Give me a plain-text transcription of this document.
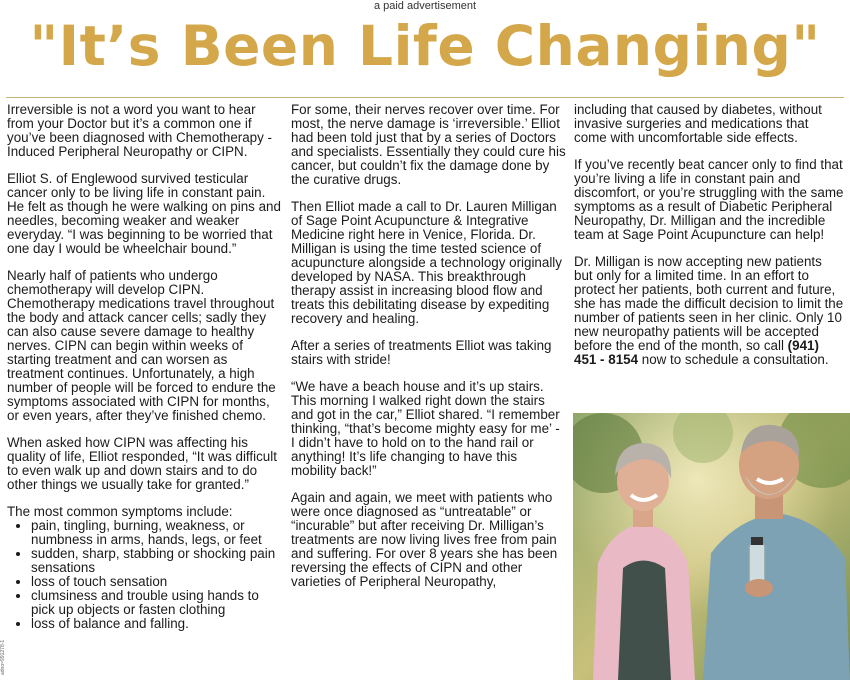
a paid advertisement
"It’s Been Life Changing"

Irreversible is not a word you want to hear from your Doctor but it’s a common one if you’ve been diagnosed with Chemotherapy - Induced Peripheral Neuropathy or CIPN.

Elliot S. of Englewood survived testicular cancer only to be living life in constant pain. He felt as though he were walking on pins and needles, becoming weaker and weaker everyday. “I was beginning to be worried that one day I would be wheelchair bound.”

Nearly half of patients who undergo chemotherapy will develop CIPN. Chemotherapy medications travel throughout the body and attack cancer cells; sadly they can also cause severe damage to healthy nerves. CIPN can begin within weeks of starting treatment and can worsen as treatment continues. Unfortunately, a high number of people will be forced to endure the symptoms associated with CIPN for months, or even years, after they’ve finished chemo.

When asked how CIPN was affecting his quality of life, Elliot responded, “It was difficult to even walk up and down stairs and to do other things we usually take for granted.”

The most common symptoms include:

• pain, tingling, burning, weakness, or numbness in arms, hands, legs, or feet
• sudden, sharp, stabbing or shocking pain sensations
• loss of touch sensation
• clumsiness and trouble using hands to pick up objects or fasten clothing
• loss of balance and falling.

For some, their nerves recover over time. For most, the nerve damage is ‘irreversible.’ Elliot had been told just that by a series of Doctors and specialists. Essentially they could cure his cancer, but couldn’t fix the damage done by the curative drugs.

Then Elliot made a call to Dr. Lauren Milligan of Sage Point Acupuncture & Integrative Medicine right here in Venice, Florida. Dr. Milligan is using the time tested science of acupuncture alongside a technology originally developed by NASA. This breakthrough therapy assist in increasing blood flow and treats this debilitating disease by expediting recovery and healing.

After a series of treatments Elliot was taking stairs with stride!

“We have a beach house and it’s up stairs. This morning I walked right down the stairs and got in the car,” Elliot shared. “I remember thinking, “that’s become mighty easy for me’ - I didn’t have to hold on to the hand rail or anything! It’s life changing to have this mobility back!”

Again and again, we meet with patients who were once diagnosed as “untreatable” or “incurable” but after receiving Dr. Milligan’s treatments are now living lives free from pain and suffering. For over 8 years she has been reversing the effects of CIPN and other varieties of Peripheral Neuropathy,

including that caused by diabetes, without invasive surgeries and medications that come with uncomfortable side effects.

If you’ve recently beat cancer only to find that you’re living a life in constant pain and discomfort, or you’re struggling with the same symptoms as a result of Diabetic Peripheral Neuropathy, Dr. Milligan and the incredible team at Sage Point Acupuncture can help!

Dr. Milligan is now accepting new patients but only for a limited time. In an effort to protect her patients, both current and future, she has made the difficult decision to limit the number of patients seen in her clinic. Only 10 new neuropathy patients will be accepted before the end of the month, so call (941) 451 - 8154 now to schedule a consultation.

adno=991278-1
